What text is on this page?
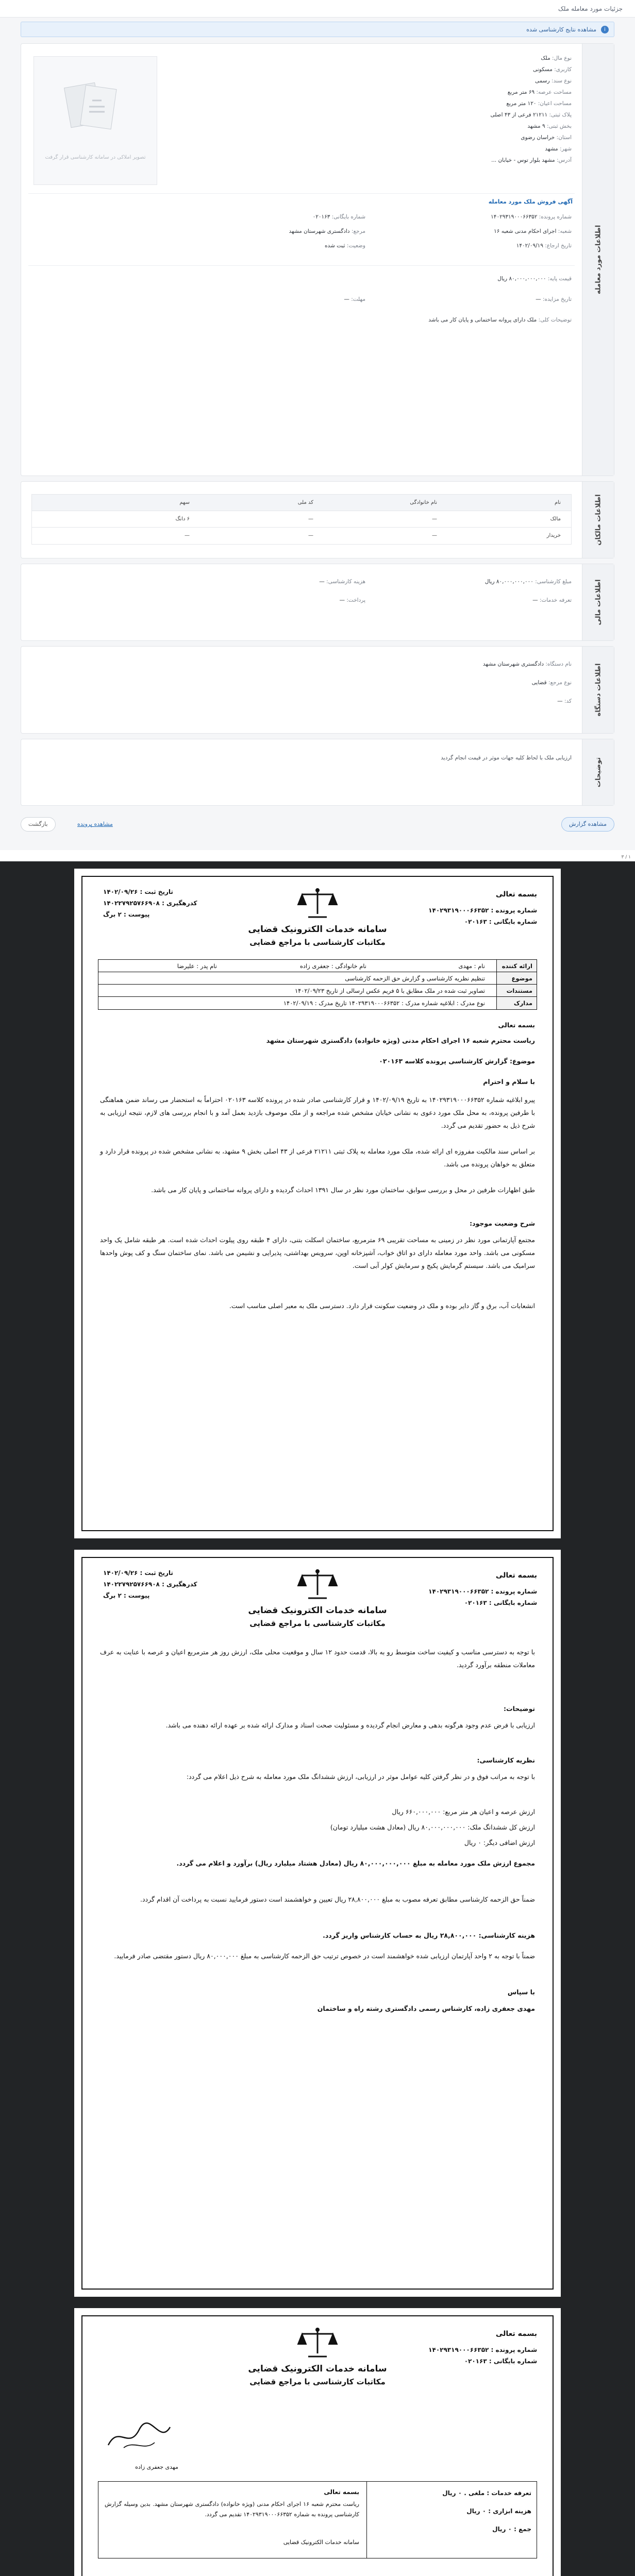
جزئیات مورد معامله ملک
i
مشاهده نتایج کارشناسی شده
اطلاعات مورد معامله
تصویر املاکی در سامانه کارشناسی قرار گرفت
نوع مال: ملک
کاربری: مسکونی
نوع سند: رسمی
مساحت عرصه: ۶۹ متر مربع
مساحت اعیان: ۱۲۰ متر مربع
پلاک ثبتی: ۲۱۲۱۱ فرعی از ۴۳ اصلی
بخش ثبتی: ۹ مشهد
استان: خراسان رضوی
شهر: مشهد
آدرس: مشهد بلوار توس - خیابان ...
آگهی فروش ملک مورد معامله
شماره پرونده: ۱۴۰۲۹۳۱۹۰۰۰۶۶۳۵۲
شماره بایگانی: ۰۲۰۱۶۳
شعبه: اجرای احکام مدنی شعبه ۱۶
مرجع: دادگستری شهرستان مشهد
تاریخ ارجاع: ۱۴۰۲/۰۹/۱۹
وضعیت: ثبت شده
قیمت پایه: ۸۰,۰۰۰,۰۰۰,۰۰۰ ریال
تاریخ مزایده: —
مهلت: —
توضیحات کلی: ملک دارای پروانه ساختمانی و پایان کار می باشد
اطلاعات مالکان
نام
نام خانوادگی
کد ملی
سهم
مالک
—
—
۶ دانگ
خریدار
—
—
—
اطلاعات مالی
مبلغ کارشناسی: ۸۰,۰۰۰,۰۰۰,۰۰۰ ریال
هزینه کارشناسی: —
تعرفه خدمات: —
پرداخت: —
اطلاعات دستگاه
نام دستگاه: دادگستری شهرستان مشهد
نوع مرجع: قضایی
کد: —
توضیحات
ارزیابی ملک با لحاظ کلیه جهات موثر در قیمت انجام گردید
مشاهده گزارش
بازگشت	مشاهده پرونده
۱ / ۳
بسمه تعالی
شماره پرونده : ۱۴۰۲۹۳۱۹۰۰۰۶۶۳۵۲
شماره بایگانی : ۰۲۰۱۶۳
تاریخ ثبت : ۱۴۰۲/۰۹/۲۶
کدرهگیری : ۱۴۰۲۲۷۹۲۵۷۶۶۹۰۸
پیوست : ۲ برگ
سامانه خدمات الکترونیک قضایی
مکاتبات کارشناسی با مراجع قضایی
ارائه کننده
نام : مهدی
نام خانوادگی : جعفری زاده
نام پدر : علیرضا
موضوع
تنظیم نظریه کارشناسی و گزارش حق الزحمه کارشناسی
مستندات
تصاویر ثبت شده در ملک مطابق با ۵ فریم عکس ارسالی از تاریخ ۱۴۰۲/۰۹/۲۳
مدارک
نوع مدرک : ابلاغیه شماره مدرک : ۱۴۰۲۹۳۱۹۰۰۰۶۶۳۵۲ تاریخ مدرک : ۱۴۰۲/۰۹/۱۹
بسمه تعالی
ریاست محترم شعبه ۱۶ اجرای احکام مدنی (ویژه خانواده) دادگستری شهرستان مشهد
موضوع: گزارش کارشناسی پرونده کلاسه ۰۲۰۱۶۳
با سلام و احترام
پیرو ابلاغیه شماره ۱۴۰۲۹۳۱۹۰۰۰۶۶۳۵۲ به تاریخ ۱۴۰۲/۰۹/۱۹ و قرار کارشناسی صادر شده در پرونده کلاسه ۰۲۰۱۶۳ احتراماً به استحضار می رساند ضمن هماهنگی با طرفین پرونده، به محل ملک مورد دعوی به نشانی خیابان مشخص شده مراجعه و از ملک موصوف بازدید بعمل آمد و با انجام بررسی های لازم، نتیجه ارزیابی به شرح ذیل به حضور تقدیم می گردد.
بر اساس سند مالکیت مفروزه ای ارائه شده، ملک مورد معامله به پلاک ثبتی ۲۱۲۱۱ فرعی از ۴۳ اصلی بخش ۹ مشهد، به نشانی مشخص شده در پرونده قرار دارد و متعلق به خواهان پرونده می باشد.
طبق اظهارات طرفین در محل و بررسی سوابق، ساختمان مورد نظر در سال ۱۳۹۱ احداث گردیده و دارای پروانه ساختمانی و پایان کار می باشد.
شرح وضعیت موجود:
مجتمع آپارتمانی مورد نظر در زمینی به مساحت تقریبی ۶۹ مترمربع، ساختمان اسکلت بتنی، دارای ۴ طبقه روی پیلوت احداث شده است. هر طبقه شامل یک واحد مسکونی می باشد. واحد مورد معامله دارای دو اتاق خواب، آشپزخانه اوپن، سرویس بهداشتی، پذیرایی و نشیمن می باشد. نمای ساختمان سنگ و کف پوش واحدها سرامیک می باشد. سیستم گرمایش پکیج و سرمایش کولر آبی است.
انشعابات آب، برق و گاز دایر بوده و ملک در وضعیت سکونت قرار دارد. دسترسی ملک به معبر اصلی مناسب است.
بسمه تعالی
شماره پرونده : ۱۴۰۲۹۳۱۹۰۰۰۶۶۳۵۲
شماره بایگانی : ۰۲۰۱۶۳
تاریخ ثبت : ۱۴۰۲/۰۹/۲۶
کدرهگیری : ۱۴۰۲۲۷۹۲۵۷۶۶۹۰۸
پیوست : ۲ برگ
سامانه خدمات الکترونیک قضایی
مکاتبات کارشناسی با مراجع قضایی
با توجه به دسترسی مناسب و کیفیت ساخت متوسط رو به بالا، قدمت حدود ۱۲ سال و موقعیت محلی ملک، ارزش روز هر مترمربع اعیان و عرصه با عنایت به عرف معاملات منطقه برآورد گردید.
توضیحات:
ارزیابی با فرض عدم وجود هرگونه بدهی و معارض انجام گردیده و مسئولیت صحت اسناد و مدارک ارائه شده بر عهده ارائه دهنده می باشد.
نظریه کارشناسی:
با توجه به مراتب فوق و در نظر گرفتن کلیه عوامل موثر در ارزیابی، ارزش ششدانگ ملک مورد معامله به شرح ذیل اعلام می گردد:
ارزش عرصه و اعیان هر متر مربع: ۶۶۰,۰۰۰,۰۰۰ ریال
ارزش کل ششدانگ ملک: ۸۰,۰۰۰,۰۰۰,۰۰۰ ریال (معادل هشت میلیارد تومان)
ارزش اضافی دیگر: ۰ ریال
مجموع ارزش ملک مورد معامله به مبلغ ۸۰,۰۰۰,۰۰۰,۰۰۰ ریال (معادل هشتاد میلیارد ریال) برآورد و اعلام می گردد.
ضمناً حق الزحمه کارشناسی مطابق تعرفه مصوب به مبلغ ۲۸,۸۰۰,۰۰۰ ریال تعیین و خواهشمند است دستور فرمایید نسبت به پرداخت آن اقدام گردد.
هزینه کارشناسی: ۲۸,۸۰۰,۰۰۰ ریال به حساب کارشناس واریز گردد.
ضمناً با توجه به ۲ واحد آپارتمان ارزیابی شده خواهشمند است در خصوص ترتیب حق الزحمه کارشناسی به مبلغ ۸۰,۰۰۰,۰۰۰ ریال دستور مقتضی صادر فرمایید.
با سپاس
مهدی جعفری زاده، کارشناس رسمی دادگستری رشته راه و ساختمان
بسمه تعالی
شماره پرونده : ۱۴۰۲۹۳۱۹۰۰۰۶۶۳۵۲
شماره بایگانی : ۰۲۰۱۶۳
سامانه خدمات الکترونیک قضایی
مکاتبات کارشناسی با مراجع قضایی
مهدی جعفری زاده
تعرفه خدمات : ملغی . ۰ ریال
هزینه ابزاری : ۰ ریال
جمع : ۰ ریال
بسمه تعالی
ریاست محترم شعبه ۱۶ اجرای احکام مدنی (ویژه خانواده) دادگستری شهرستان مشهد. بدین وسیله گزارش کارشناسی پرونده به شماره ۱۴۰۲۹۳۱۹۰۰۰۶۶۳۵۲ تقدیم می گردد.
سامانه خدمات الکترونیک قضایی
